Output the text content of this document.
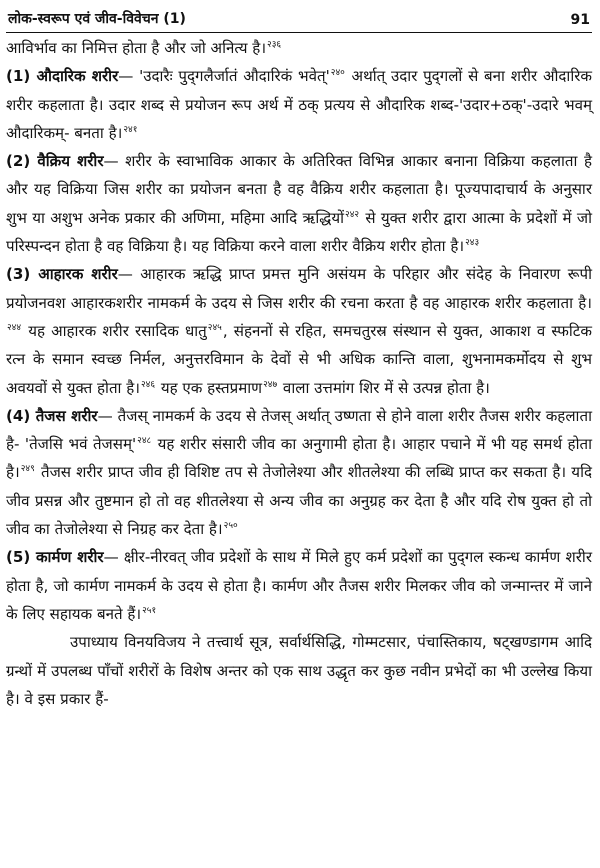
लोक-स्वरूप एवं जीव-विवेचन (1)	91

आविर्भाव का निमित्त होता है और जो अनित्य है।$^{२३६}$

(1) औदारिक शरीर— 'उदारैः पुद्‌गलैर्जातं औदारिकं भवेत्'$^{२४०}$ अर्थात् उदार पुद्‌गलों से बना शरीर औदारिक शरीर कहलाता है। उदार शब्द से प्रयोजन रूप अर्थ में ठक् प्रत्यय से औदारिक शब्द-'उदार+ठक्'-उदारे भवम् औदारिकम्- बनता है।$^{२४१}$

(2) वैक्रिय शरीर— शरीर के स्वाभाविक आकार के अतिरिक्त विभिन्न आकार बनाना विक्रिया कहलाता है और यह विक्रिया जिस शरीर का प्रयोजन बनता है वह वैक्रिय शरीर कहलाता है। पूज्यपादाचार्य के अनुसार शुभ या अशुभ अनेक प्रकार की अणिमा, महिमा आदि ऋद्धियों$^{२४२}$ से युक्त शरीर द्वारा आत्मा के प्रदेशों में जो परिस्पन्दन होता है वह विक्रिया है। यह विक्रिया करने वाला शरीर वैक्रिय शरीर होता है।$^{२४३}$

(3) आहारक शरीर— आहारक ऋद्धि प्राप्त प्रमत्त मुनि असंयम के परिहार और संदेह के निवारण रूपी प्रयोजनवश आहारकशरीर नामकर्म के उदय से जिस शरीर की रचना करता है वह आहारक शरीर कहलाता है।$^{२४४}$ यह आहारक शरीर रसादिक धातु$^{२४५}$, संहननों से रहित, समचतुरस्र संस्थान से युक्त, आकाश व स्फटिक रत्न के समान स्वच्छ निर्मल, अनुत्तरविमान के देवों से भी अधिक कान्ति वाला, शुभनामकर्मोदय से शुभ अवयवों से युक्त होता है।$^{२४६}$ यह एक हस्तप्रमाण$^{२४७}$ वाला उत्तमांग शिर में से उत्पन्न होता है।

(4) तैजस शरीर— तैजस् नामकर्म के उदय से तेजस् अर्थात् उष्णता से होने वाला शरीर तैजस शरीर कहलाता है- 'तेजसि भवं तेजसम्'$^{२४८}$ यह शरीर संसारी जीव का अनुगामी होता है। आहार पचाने में भी यह समर्थ होता है।$^{२४९}$ तैजस शरीर प्राप्त जीव ही विशिष्ट तप से तेजोलेश्या और शीतलेश्या की लब्धि प्राप्त कर सकता है। यदि जीव प्रसन्न और तुष्टमान हो तो वह शीतलेश्या से अन्य जीव का अनुग्रह कर देता है और यदि रोष युक्त हो तो जीव का तेजोलेश्या से निग्रह कर देता है।$^{२५०}$

(5) कार्मण शरीर— क्षीर-नीरवत् जीव प्रदेशों के साथ में मिले हुए कर्म प्रदेशों का पुद्‌गल स्कन्ध कार्मण शरीर होता है, जो कार्मण नामकर्म के उदय से होता है। कार्मण और तैजस शरीर मिलकर जीव को जन्मान्तर में जाने के लिए सहायक बनते हैं।$^{२५१}$

उपाध्याय विनयविजय ने तत्त्वार्थ सूत्र, सर्वार्थसिद्धि, गोम्मटसार, पंचास्तिकाय, षट्खण्डागम आदि ग्रन्थों में उपलब्ध पाँचों शरीरों के विशेष अन्तर को एक साथ उद्धृत कर कुछ नवीन प्रभेदों का भी उल्लेख किया है। वे इस प्रकार हैं-
